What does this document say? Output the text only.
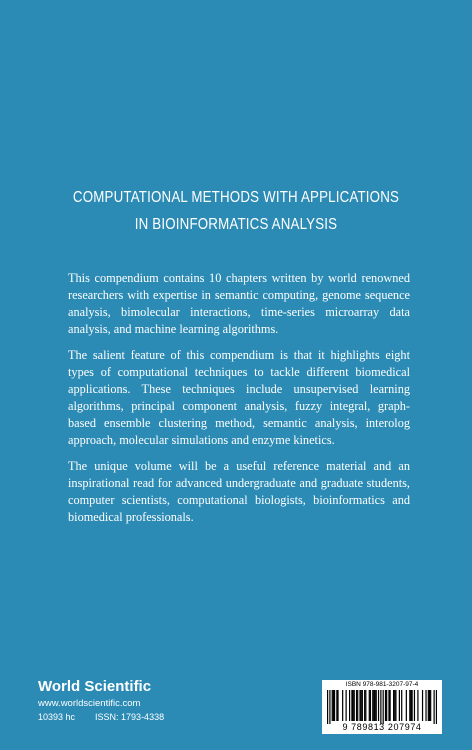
COMPUTATIONAL METHODS WITH APPLICATIONS
IN BIOINFORMATICS ANALYSIS

This compendium contains 10 chapters written by world renowned researchers with expertise in semantic computing, genome sequence analysis, bimolecular interactions, time-series microarray data analysis, and machine learning algorithms.

The salient feature of this compendium is that it highlights eight types of computational techniques to tackle different biomedical applications. These techniques include unsupervised learning algorithms, principal component analysis, fuzzy integral, graph-based ensemble clustering method, semantic analysis, interolog approach, molecular simulations and enzyme kinetics.

The unique volume will be a useful reference material and an inspirational read for advanced undergraduate and graduate students, computer scientists, computational biologists, bioinformatics and biomedical professionals.

World Scientific
www.worldscientific.com
10393 hc        ISSN: 1793-4338
ISBN 978-981-3207-97-4
9 789813 207974
